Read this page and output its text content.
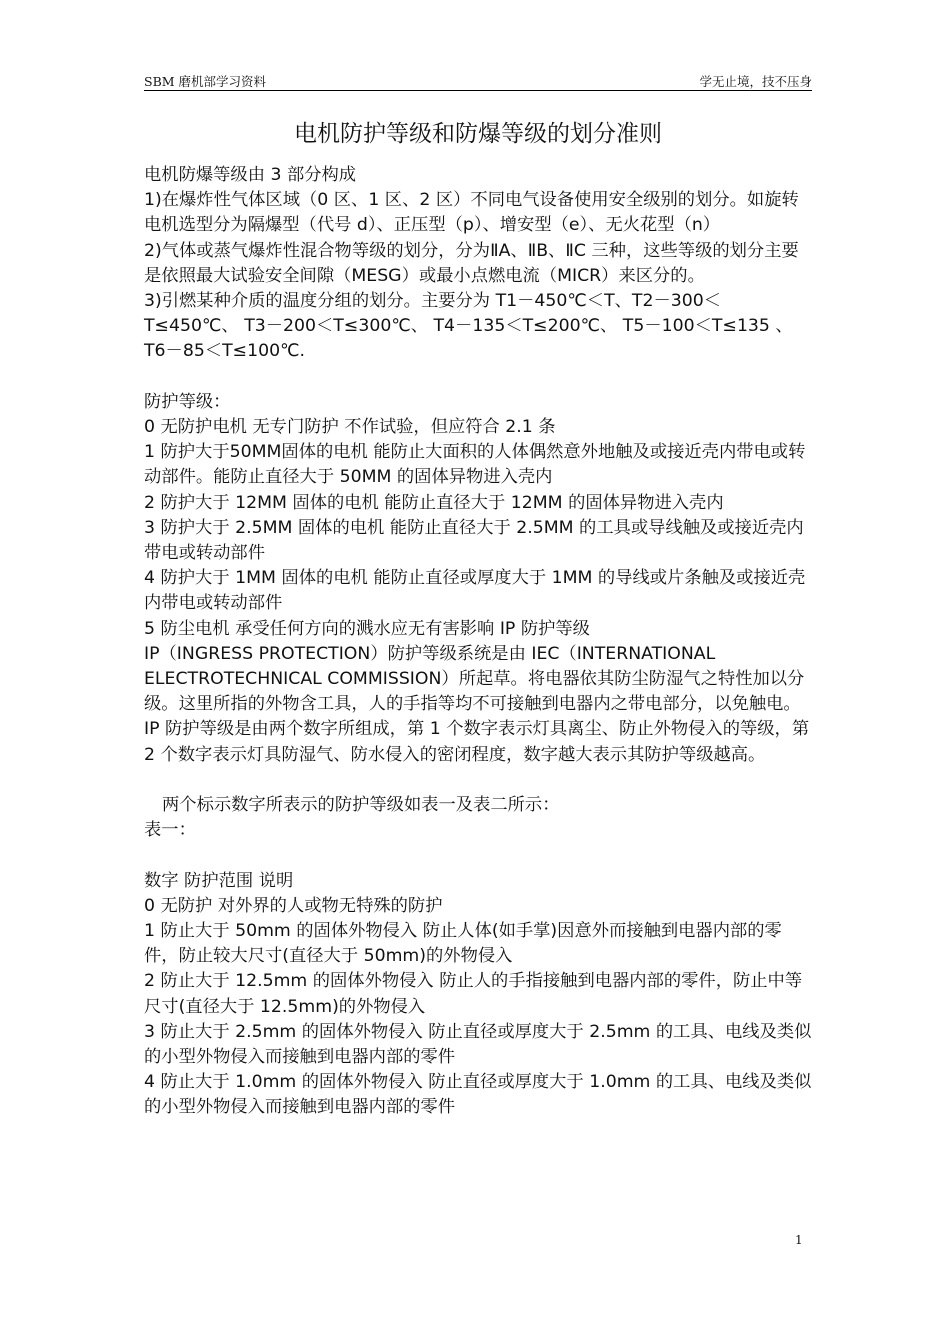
SBM 磨机部学习资料	学无止境，技不压身
电机防护等级和防爆等级的划分准则

电机防爆等级由 3 部分构成

1)在爆炸性气体区域（0 区、1 区、2 区）不同电气设备使用安全级别的划分。如旋转电机选型分为隔爆型（代号 d）、正压型（p）、增安型（e）、无火花型（n）

2)气体或蒸气爆炸性混合物等级的划分，分为ⅡA、ⅡB、ⅡC 三种，这些等级的划分主要是依照最大试验安全间隙（MESG）或最小点燃电流（MICR）来区分的。

3)引燃某种介质的温度分组的划分。主要分为 T1－450℃＜T、T2－300＜T≤450℃、 T3－200＜T≤300℃、 T4－135＜T≤200℃、 T5－100＜T≤135 、 T6－85＜T≤100℃.

防护等级：

0 无防护电机 无专门防护 不作试验，但应符合 2.1 条

1 防护大于50MM固体的电机 能防止大面积的人体偶然意外地触及或接近壳内带电或转动部件。能防止直径大于 50MM 的固体异物进入壳内

2 防护大于 12MM 固体的电机 能防止直径大于 12MM 的固体异物进入壳内

3 防护大于 2.5MM 固体的电机 能防止直径大于 2.5MM 的工具或导线触及或接近壳内带电或转动部件

4 防护大于 1MM 固体的电机 能防止直径或厚度大于 1MM 的导线或片条触及或接近壳内带电或转动部件

5 防尘电机 承受任何方向的溅水应无有害影响 IP 防护等级

IP（INGRESS PROTECTION）防护等级系统是由 IEC（INTERNATIONAL ELECTROTECHNICAL COMMISSION）所起草。将电器依其防尘防湿气之特性加以分级。这里所指的外物含工具，人的手指等均不可接触到电器内之带电部分，以免触电。IP 防护等级是由两个数字所组成，第 1 个数字表示灯具离尘、防止外物侵入的等级，第 2 个数字表示灯具防湿气、防水侵入的密闭程度，数字越大表示其防护等级越高。

两个标示数字所表示的防护等级如表一及表二所示：

表一：

数字 防护范围 说明

0 无防护 对外界的人或物无特殊的防护

1 防止大于 50mm 的固体外物侵入 防止人体(如手掌)因意外而接触到电器内部的零件，防止较大尺寸(直径大于 50mm)的外物侵入

2 防止大于 12.5mm 的固体外物侵入 防止人的手指接触到电器内部的零件，防止中等尺寸(直径大于 12.5mm)的外物侵入

3 防止大于 2.5mm 的固体外物侵入 防止直径或厚度大于 2.5mm 的工具、电线及类似的小型外物侵入而接触到电器内部的零件

4 防止大于 1.0mm 的固体外物侵入 防止直径或厚度大于 1.0mm 的工具、电线及类似的小型外物侵入而接触到电器内部的零件

1
